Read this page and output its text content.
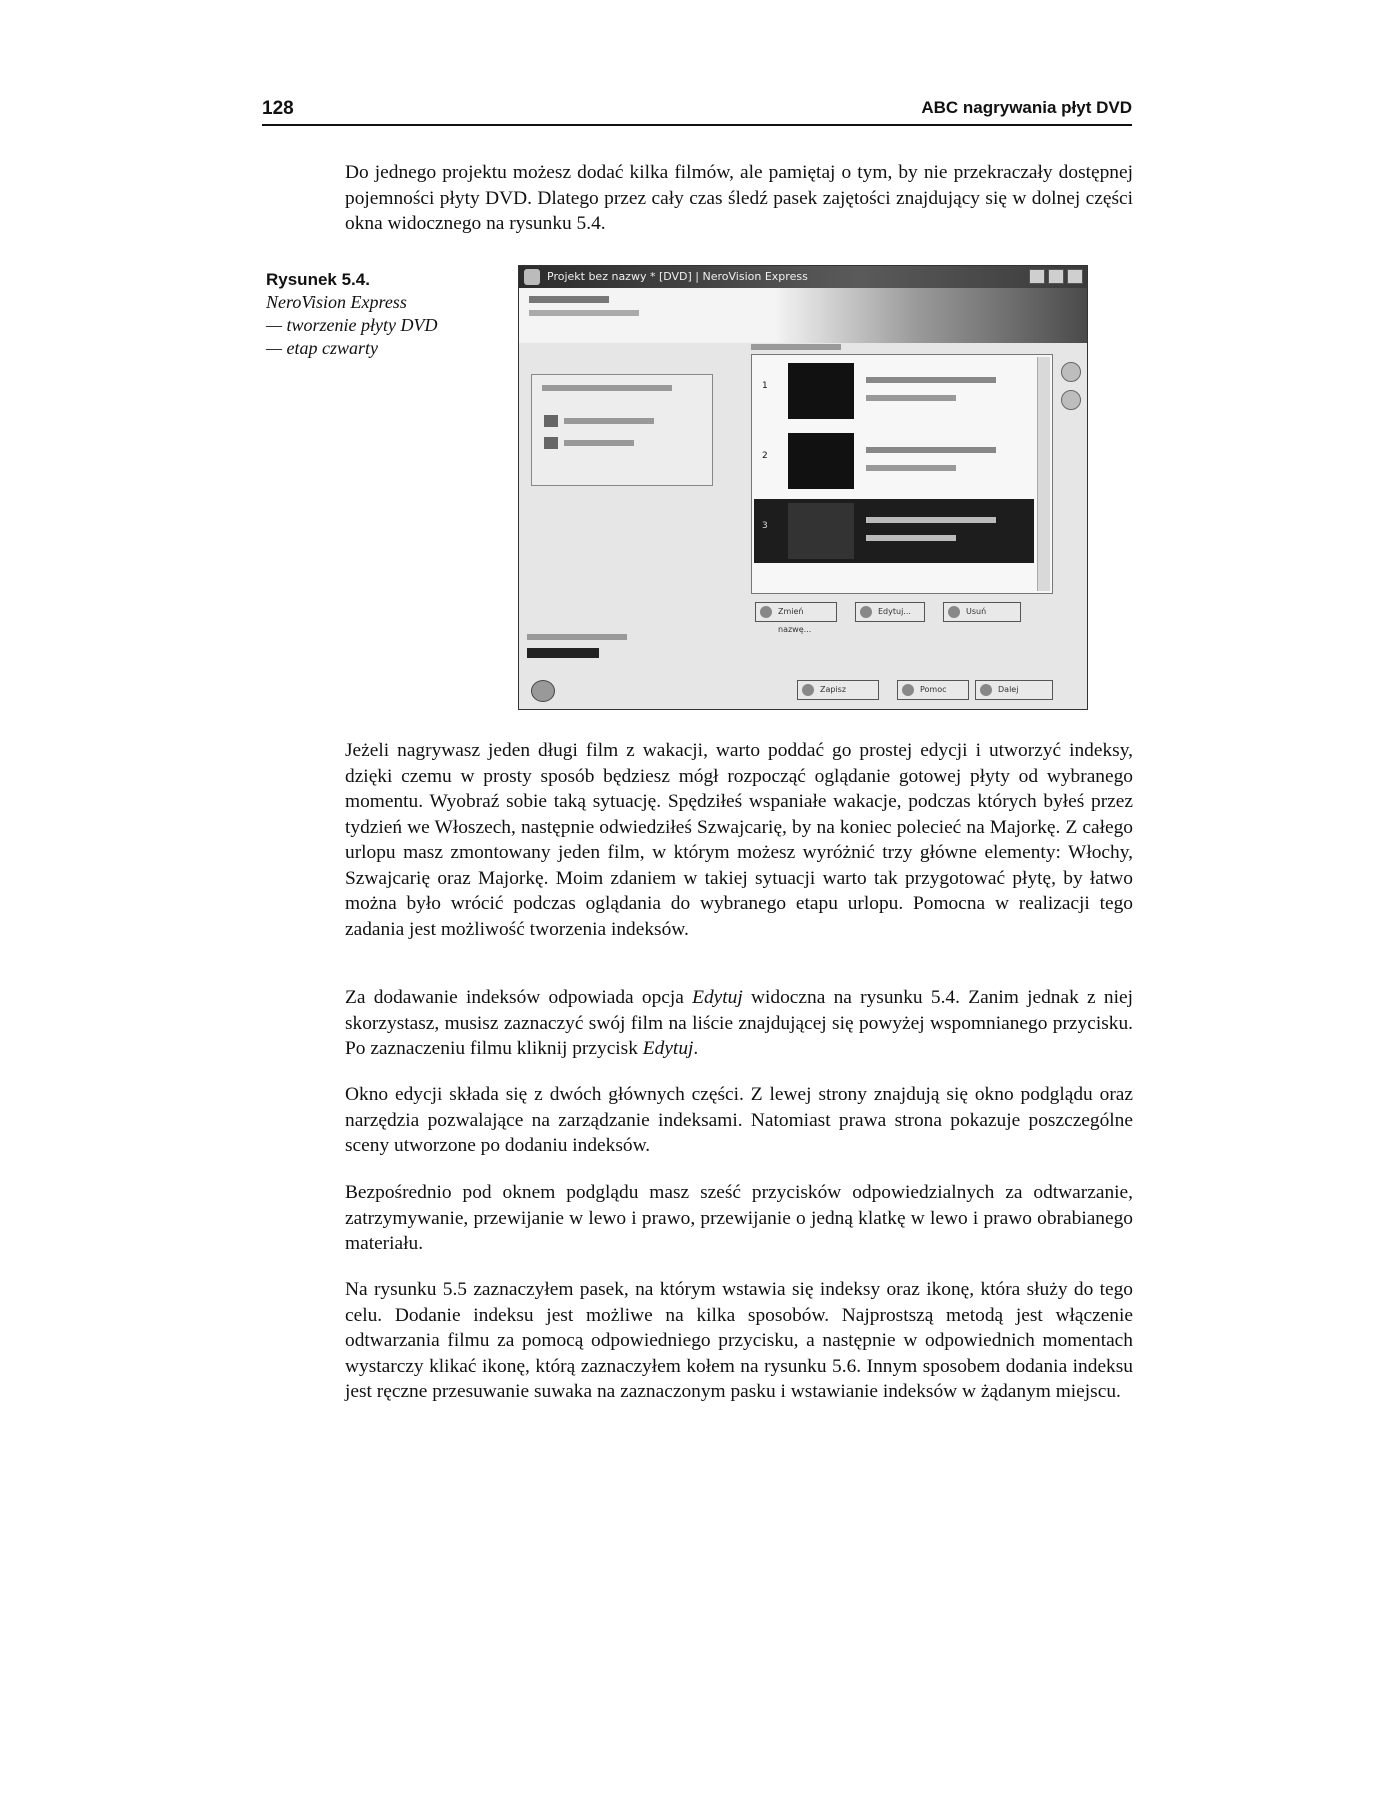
128	ABC nagrywania płyt DVD

Do jednego projektu możesz dodać kilka filmów, ale pamiętaj o tym, by nie przekraczały dostępnej pojemności płyty DVD. Dlatego przez cały czas śledź pasek zajętości znajdujący się w dolnej części okna widocznego na rysunku 5.4.

Rysunek 5.4.
NeroVision Express
— tworzenie płyty DVD
— etap czwarty
Projekt bez nazwy * [DVD] | NeroVision Express
1
2
3
Zmień nazwę...
Edytuj...	Usuń
Zapisz	Pomoc	Dalej

Jeżeli nagrywasz jeden długi film z wakacji, warto poddać go prostej edycji i utworzyć indeksy, dzięki czemu w prosty sposób będziesz mógł rozpocząć oglądanie gotowej płyty od wybranego momentu. Wyobraź sobie taką sytuację. Spędziłeś wspaniałe wakacje, podczas których byłeś przez tydzień we Włoszech, następnie odwiedziłeś Szwajcarię, by na koniec polecieć na Majorkę. Z całego urlopu masz zmontowany jeden film, w którym możesz wyróżnić trzy główne elementy: Włochy, Szwajcarię oraz Majorkę. Moim zdaniem w takiej sytuacji warto tak przygotować płytę, by łatwo można było wrócić podczas oglądania do wybranego etapu urlopu. Pomocna w realizacji tego zadania jest możliwość tworzenia indeksów.

Za dodawanie indeksów odpowiada opcja Edytuj widoczna na rysunku 5.4. Zanim jednak z niej skorzystasz, musisz zaznaczyć swój film na liście znajdującej się powyżej wspomnianego przycisku. Po zaznaczeniu filmu kliknij przycisk Edytuj.

Okno edycji składa się z dwóch głównych części. Z lewej strony znajdują się okno podglądu oraz narzędzia pozwalające na zarządzanie indeksami. Natomiast prawa strona pokazuje poszczególne sceny utworzone po dodaniu indeksów.

Bezpośrednio pod oknem podglądu masz sześć przycisków odpowiedzialnych za odtwarzanie, zatrzymywanie, przewijanie w lewo i prawo, przewijanie o jedną klatkę w lewo i prawo obrabianego materiału.

Na rysunku 5.5 zaznaczyłem pasek, na którym wstawia się indeksy oraz ikonę, która służy do tego celu. Dodanie indeksu jest możliwe na kilka sposobów. Najprostszą metodą jest włączenie odtwarzania filmu za pomocą odpowiedniego przycisku, a następnie w odpowiednich momentach wystarczy klikać ikonę, którą zaznaczyłem kołem na rysunku 5.6. Innym sposobem dodania indeksu jest ręczne przesuwanie suwaka na zaznaczonym pasku i wstawianie indeksów w żądanym miejscu.
